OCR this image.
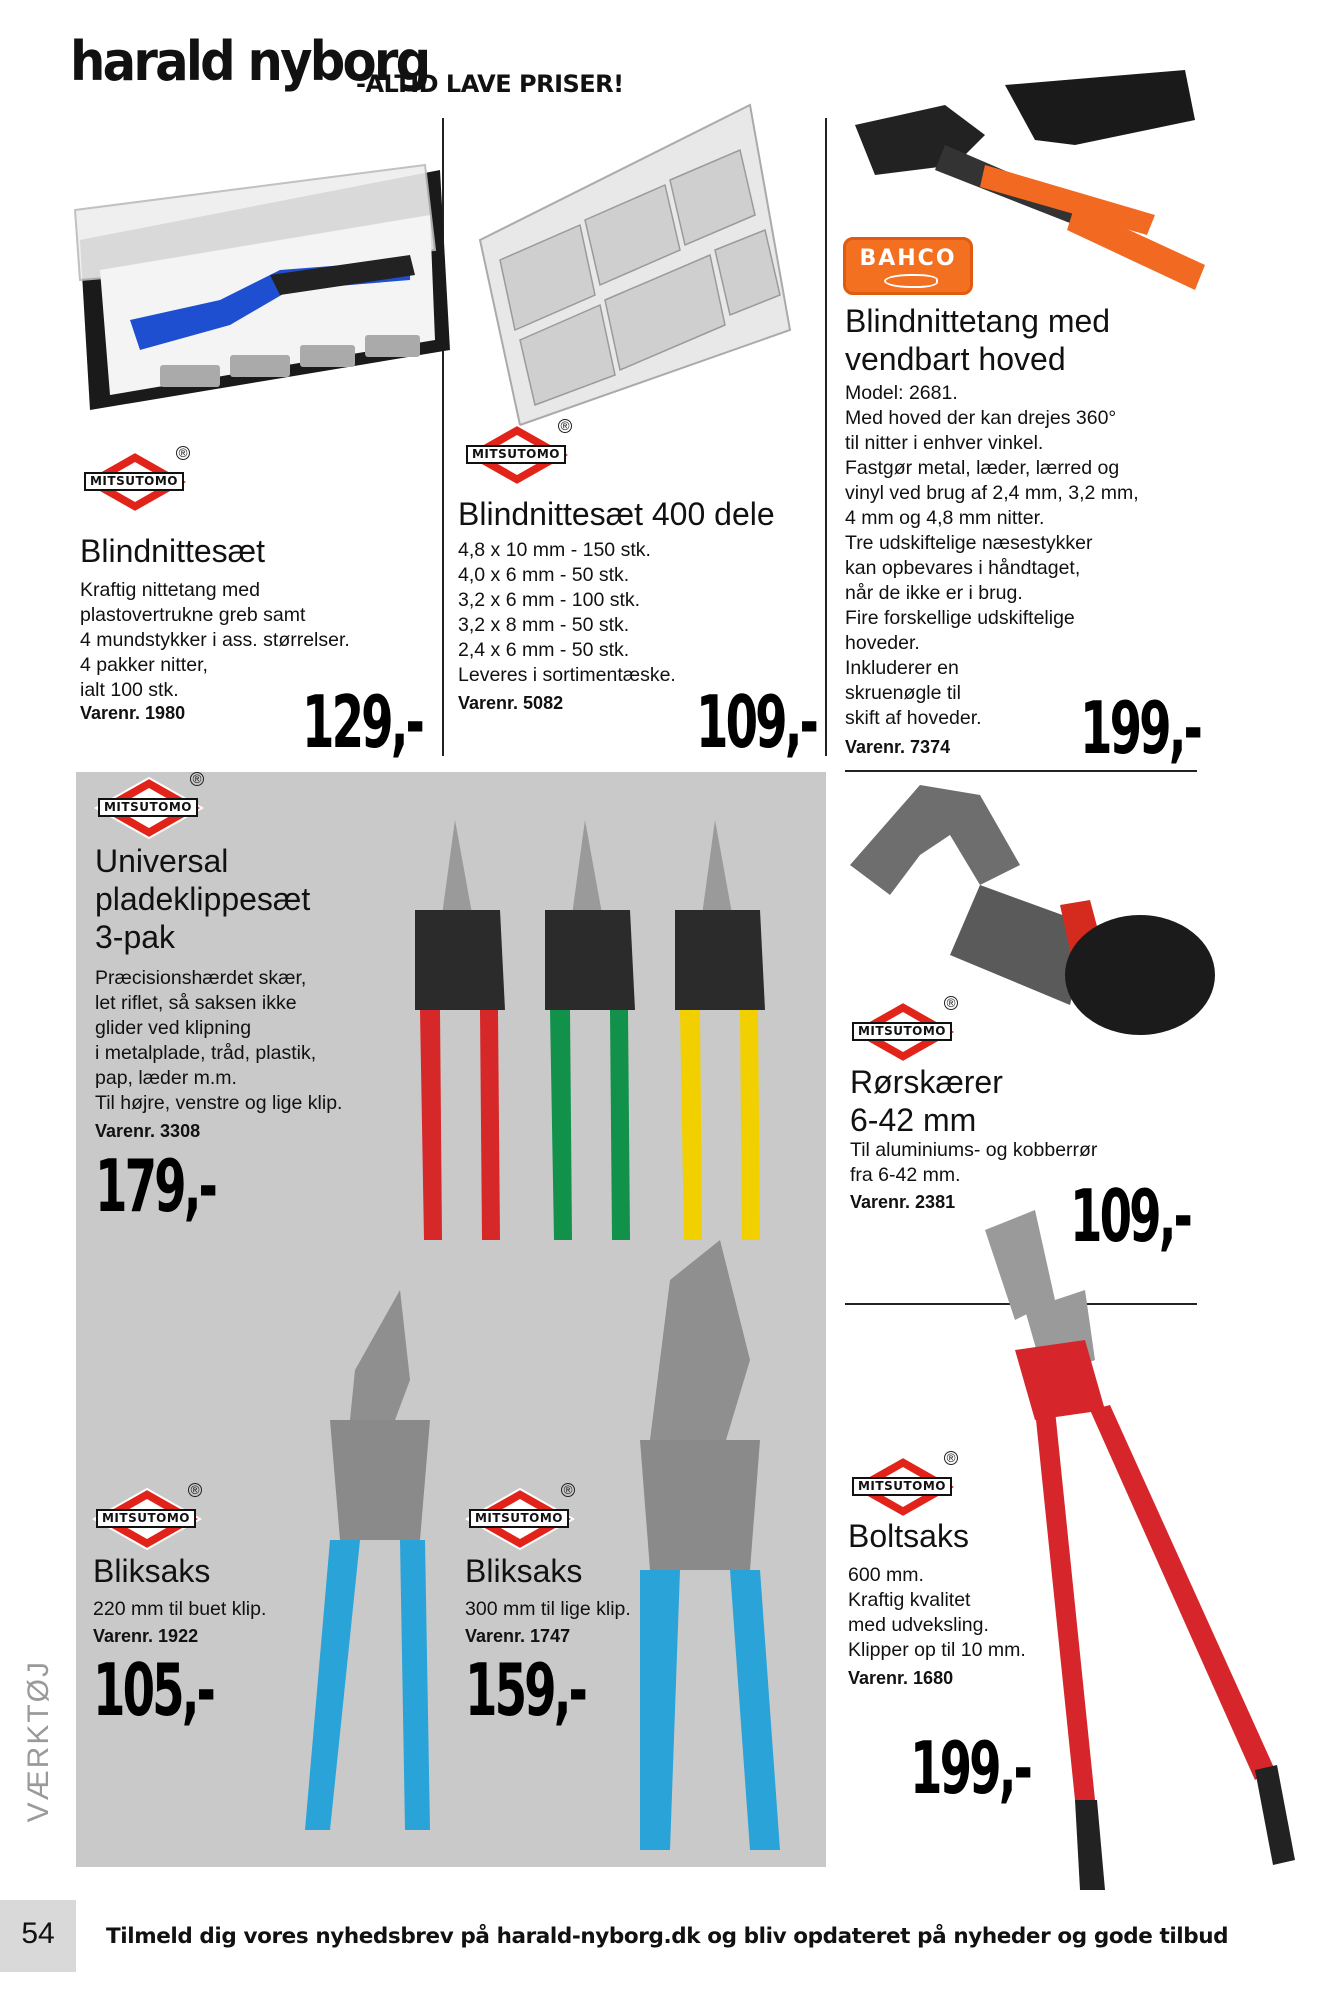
harald nyborg
-ALTID LAVE PRISER!
MITSUTOMO
®
Blindnittesæt
Kraftig nittetang med
plastovertrukne greb samt
4 mundstykker i ass. størrelser.
4 pakker nitter,
ialt 100 stk.
Varenr. 1980 129,-
MITSUTOMO
®
Blindnittesæt 400 dele
4,8 x 10 mm - 150 stk.
4,0 x 6 mm - 50 stk.
3,2 x 6 mm - 100 stk.
3,2 x 8 mm - 50 stk.
2,4 x 6 mm - 50 stk.
Leveres i sortimentæske.
Varenr. 5082 109,-
BAHCO
Blindnittetang med
vendbart hoved
Model: 2681.
Med hoved der kan drejes 360°
til nitter i enhver vinkel.
Fastgør metal, læder, lærred og
vinyl ved brug af 2,4 mm, 3,2 mm,
4 mm og 4,8 mm nitter.
Tre udskiftelige næsestykker
kan opbevares i håndtaget,
når de ikke er i brug.
Fire forskellige udskiftelige
hoveder.
Inkluderer en
skruenøgle til
skift af hoveder.
Varenr. 7374 199,-
MITSUTOMO
®
Universal
pladeklippesæt
3-pak
Præcisionshærdet skær,
let riflet, så saksen ikke
glider ved klipning
i metalplade, tråd, plastik,
pap, læder m.m.
Til højre, venstre og lige klip.
Varenr. 3308
179,-
MITSUTOMO
®
Rørskærer
6-42 mm
Til aluminiums- og kobberrør
fra 6-42 mm.
Varenr. 2381 109,-
MITSUTOMO
®
Bliksaks
220 mm til buet klip.
Varenr. 1922
105,-
MITSUTOMO
®
Bliksaks
300 mm til lige klip.
Varenr. 1747
159,-
MITSUTOMO
®
Boltsaks
600 mm.
Kraftig kvalitet
med udveksling.
Klipper op til 10 mm.
Varenr. 1680
199,-
VÆRKTØJ
54	Tilmeld dig vores nyhedsbrev på harald-nyborg.dk og bliv opdateret på nyheder og gode tilbud
